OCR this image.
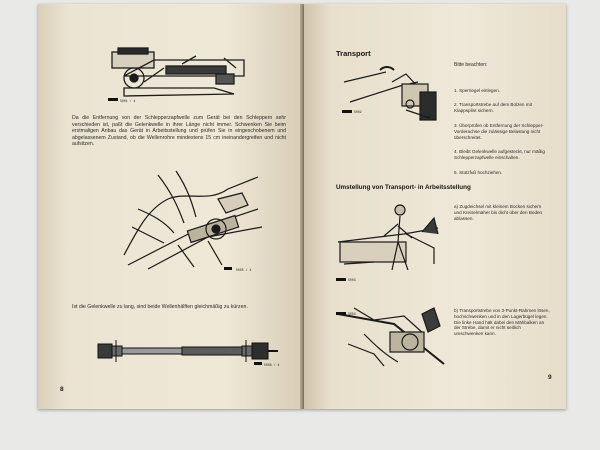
5001 / 4
Da die Entfernung von der Schlepperzapfwelle zum Gerät bei den Schleppern sehr verschieden ist, paßt die Gelenkwelle in ihrer Länge nicht immer. Schwenken Sie beim erstmaligen Anbau das Gerät in Arbeitsstellung und prüfen Sie in eingeschobenem und abgelassenem Zustand, ob die Wellenrohre mindestens 15 cm ineinandergreifen und nicht aufsitzen.
5005 / 4
Ist die Gelenkwelle zu lang, sind beide Wellenhälften gleichmäßig zu kürzen.
5008 / 4
8
Transport
5002
Bitte beachten:

1. Sperriegel einlegen.

2. Transportstrebe auf dem Bolzen mit Klappsplint sichern.

3. Überprüfen ob Entfernung der Schlepper-Vorderachse die zulässige Belastung nicht überschreitet.

4. Bleibt Gelenkwelle aufgesteckt, nur mäßig Schlepperzapfwelle einschalten.

5. Stützfuß hochziehen.

Umstellung von Transport- in Arbeitsstellung
5003
a) Zugdeichsel mit kleinem Bocken sichern und Kreiselmäher bis dicht über den Boden ablassen.
5004
b) Transportstrebe von 3-Punkt-Rahmen lösen, hochschwenken und in den Lagerbügel legen. Die linke Hand hält dabei den Mähbalken an der Strebe, damit er nicht seitlich umschwenken kann.
9
